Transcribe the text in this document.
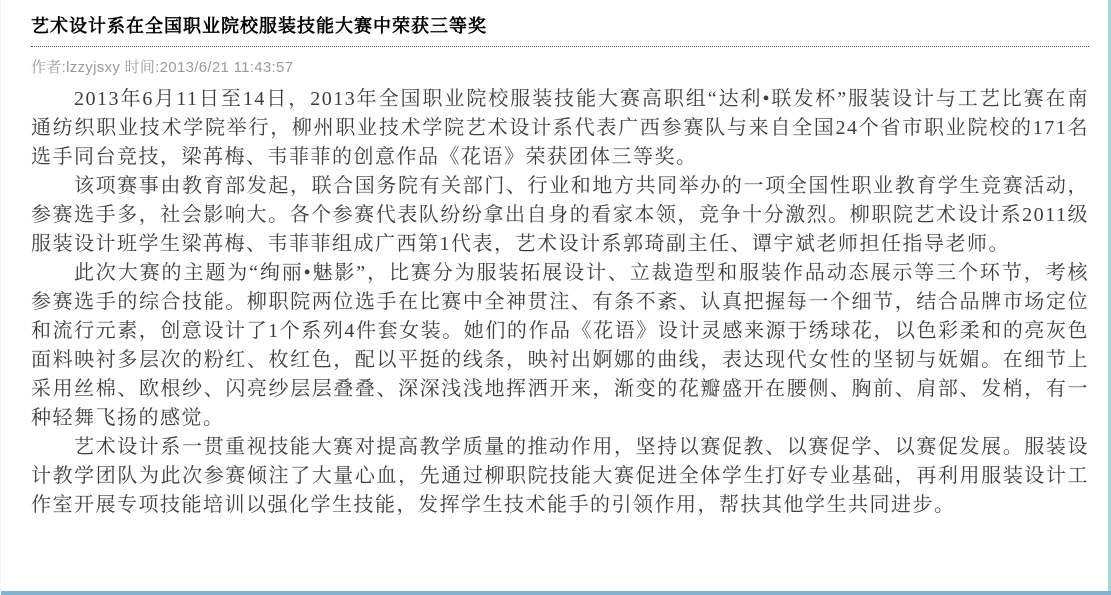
艺术设计系在全国职业院校服装技能大赛中荣获三等奖
作者:lzzyjsxy 时间:2013/6/21 11:43:57

2013年6月11日至14日，2013年全国职业院校服装技能大赛高职组“达利•联发杯”服装设计与工艺比赛在南通纺织职业技术学院举行，柳州职业技术学院艺术设计系代表广西参赛队与来自全国24个省市职业院校的171名选手同台竞技，梁苒梅、韦菲菲的创意作品《花语》荣获团体三等奖。

该项赛事由教育部发起，联合国务院有关部门、行业和地方共同举办的一项全国性职业教育学生竞赛活动，参赛选手多，社会影响大。各个参赛代表队纷纷拿出自身的看家本领，竞争十分激烈。柳职院艺术设计系2011级服装设计班学生梁苒梅、韦菲菲组成广西第1代表，艺术设计系郭琦副主任、谭宇斌老师担任指导老师。

此次大赛的主题为“绚丽•魅影”，比赛分为服装拓展设计、立裁造型和服装作品动态展示等三个环节，考核参赛选手的综合技能。柳职院两位选手在比赛中全神贯注、有条不紊、认真把握每一个细节，结合品牌市场定位和流行元素，创意设计了1个系列4件套女装。她们的作品《花语》设计灵感来源于绣球花，以色彩柔和的亮灰色面料映衬多层次的粉红、枚红色，配以平挺的线条，映衬出婀娜的曲线，表达现代女性的坚韧与妩媚。在细节上采用丝棉、欧根纱、闪亮纱层层叠叠、深深浅浅地挥洒开来，渐变的花瓣盛开在腰侧、胸前、肩部、发梢，有一种轻舞飞扬的感觉。

艺术设计系一贯重视技能大赛对提高教学质量的推动作用，坚持以赛促教、以赛促学、以赛促发展。服装设计教学团队为此次参赛倾注了大量心血，先通过柳职院技能大赛促进全体学生打好专业基础，再利用服装设计工作室开展专项技能培训以强化学生技能，发挥学生技术能手的引领作用，帮扶其他学生共同进步。
